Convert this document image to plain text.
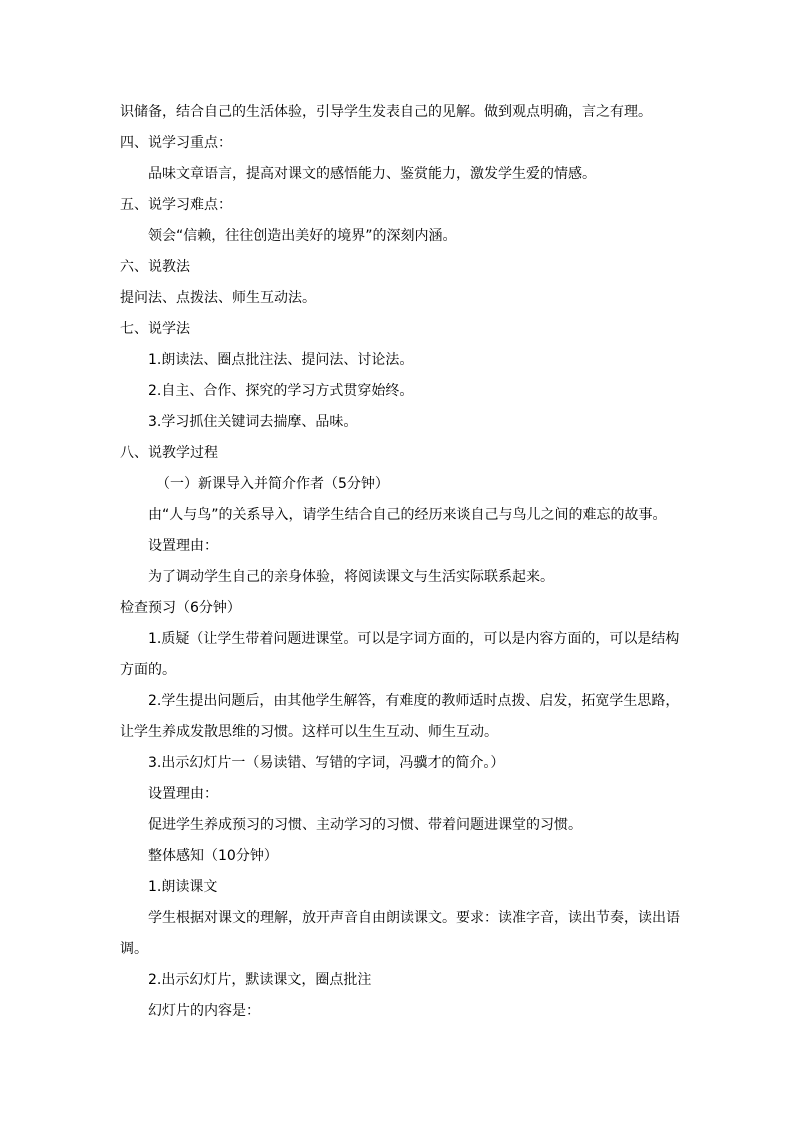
识储备，结合自己的生活体验，引导学生发表自己的见解。做到观点明确，言之有理。
四、说学习重点：
品味文章语言，提高对课文的感悟能力、鉴赏能力，激发学生爱的情感。
五、说学习难点：
领会“信赖，往往创造出美好的境界”的深刻内涵。
六、说教法
提问法、点拨法、师生互动法。
七、说学法
1.朗读法、圈点批注法、提问法、讨论法。
2.自主、合作、探究的学习方式贯穿始终。
3.学习抓住关键词去揣摩、品味。
八、说教学过程
（一）新课导入并简介作者（5分钟）
由“人与鸟”的关系导入，请学生结合自己的经历来谈自己与鸟儿之间的难忘的故事。
设置理由：
为了调动学生自己的亲身体验，将阅读课文与生活实际联系起来。
检查预习（6分钟）
1.质疑（让学生带着问题进课堂。可以是字词方面的，可以是内容方面的，可以是结构
方面的。
2.学生提出问题后，由其他学生解答，有难度的教师适时点拨、启发，拓宽学生思路，
让学生养成发散思维的习惯。这样可以生生互动、师生互动。
3.出示幻灯片一（易读错、写错的字词，冯骥才的简介。）
设置理由：
促进学生养成预习的习惯、主动学习的习惯、带着问题进课堂的习惯。
整体感知（10分钟）
1.朗读课文
学生根据对课文的理解，放开声音自由朗读课文。要求：读准字音，读出节奏，读出语
调。
2.出示幻灯片，默读课文，圈点批注
幻灯片的内容是：
